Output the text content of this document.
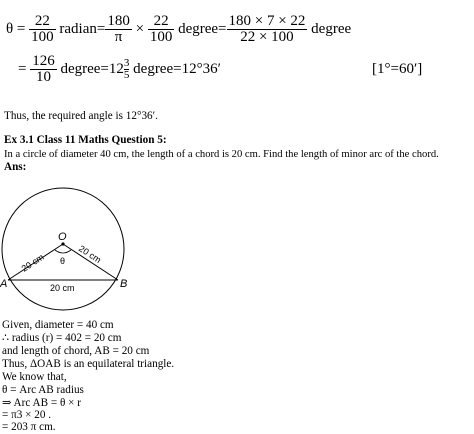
$\theta = \frac{22}{100}$ radian= $\frac{180}{\pi} \times \frac{22}{100}$ degree= $\frac{180 \times 7 \times 22}{22 \times 100}$ degree
= $\frac{126}{10}$ degree=12 $\frac{3}{5}$ degree=12°36′	[1°=60′]
Thus, the required angle is 12°36′.
Ex 3.1 Class 11 Maths Question 5:
In a circle of diameter 40 cm, the length of a chord is 20 cm. Find the length of minor arc of the chord.
Ans:
O
θ
A	B
20 cm	20 cm
20 cm
Given, diameter = 40 cm
∴ radius (r) = 402 = 20 cm
and length of chord, AB = 20 cm
Thus, ΔOAB is an equilateral triangle.
We know that,
θ = Arc AB radius
⇒ Arc AB = θ × r
= π3 × 20 .
= 203 π cm.
